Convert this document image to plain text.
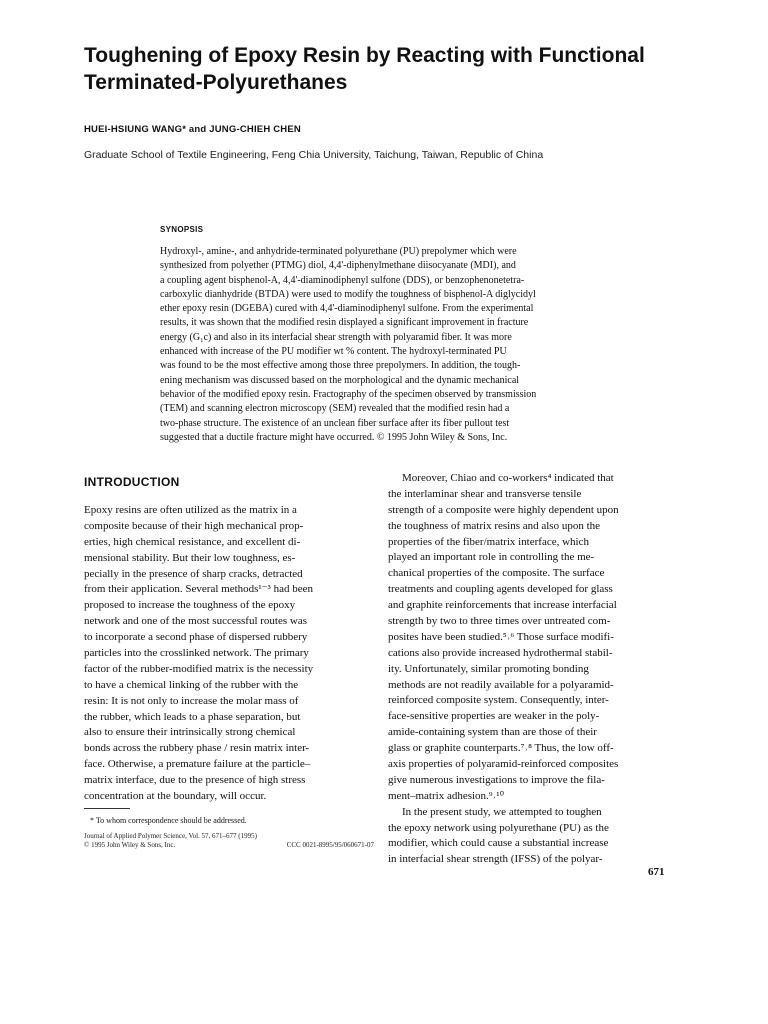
Toughening of Epoxy Resin by Reacting with Functional
Terminated-Polyurethanes
HUEI-HSIUNG WANG* and JUNG-CHIEH CHEN
Graduate School of Textile Engineering, Feng Chia University, Taichung, Taiwan, Republic of China
SYNOPSIS
Hydroxyl-, amine-, and anhydride-terminated polyurethane (PU) prepolymer which were
synthesized from polyether (PTMG) diol, 4,4'-diphenylmethane diisocyanate (MDI), and
a coupling agent bisphenol-A, 4,4'-diaminodiphenyl sulfone (DDS), or benzophenonetetra-
carboxylic dianhydride (BTDA) were used to modify the toughness of bisphenol-A diglycidyl
ether epoxy resin (DGEBA) cured with 4,4'-diaminodiphenyl sulfone. From the experimental
results, it was shown that the modified resin displayed a significant improvement in fracture
energy (G₁c) and also in its interfacial shear strength with polyaramid fiber. It was more
enhanced with increase of the PU modifier wt % content. The hydroxyl-terminated PU
was found to be the most effective among those three prepolymers. In addition, the tough-
ening mechanism was discussed based on the morphological and the dynamic mechanical
behavior of the modified epoxy resin. Fractography of the specimen observed by transmission
(TEM) and scanning electron microscopy (SEM) revealed that the modified resin had a
two-phase structure. The existence of an unclean fiber surface after its fiber pullout test
suggested that a ductile fracture might have occurred. © 1995 John Wiley & Sons, Inc.
INTRODUCTION
Epoxy resins are often utilized as the matrix in a
composite because of their high mechanical prop-
erties, high chemical resistance, and excellent di-
mensional stability. But their low toughness, es-
pecially in the presence of sharp cracks, detracted
from their application. Several methods¹⁻³ had been
proposed to increase the toughness of the epoxy
network and one of the most successful routes was
to incorporate a second phase of dispersed rubbery
particles into the crosslinked network. The primary
factor of the rubber-modified matrix is the necessity
to have a chemical linking of the rubber with the
resin: It is not only to increase the molar mass of
the rubber, which leads to a phase separation, but
also to ensure their intrinsically strong chemical
bonds across the rubbery phase / resin matrix inter-
face. Otherwise, a premature failure at the particle–
matrix interface, due to the presence of high stress
concentration at the boundary, will occur.
Moreover, Chiao and co-workers⁴ indicated that
the interlaminar shear and transverse tensile
strength of a composite were highly dependent upon
the toughness of matrix resins and also upon the
properties of the fiber/matrix interface, which
played an important role in controlling the me-
chanical properties of the composite. The surface
treatments and coupling agents developed for glass
and graphite reinforcements that increase interfacial
strength by two to three times over untreated com-
posites have been studied.⁵˒⁶ Those surface modifi-
cations also provide increased hydrothermal stabil-
ity. Unfortunately, similar promoting bonding
methods are not readily available for a polyaramid-
reinforced composite system. Consequently, inter-
face-sensitive properties are weaker in the poly-
amide-containing system than are those of their
glass or graphite counterparts.⁷˒⁸ Thus, the low off-
axis properties of polyaramid-reinforced composites
give numerous investigations to improve the fila-
ment–matrix adhesion.⁹˒¹⁰
In the present study, we attempted to toughen
the epoxy network using polyurethane (PU) as the
modifier, which could cause a substantial increase
in interfacial shear strength (IFSS) of the polyar-
* To whom correspondence should be addressed.
Journal of Applied Polymer Science, Vol. 57, 671–677 (1995)
© 1995 John Wiley & Sons, Inc.	CCC 0021-8995/95/060671-07
671
